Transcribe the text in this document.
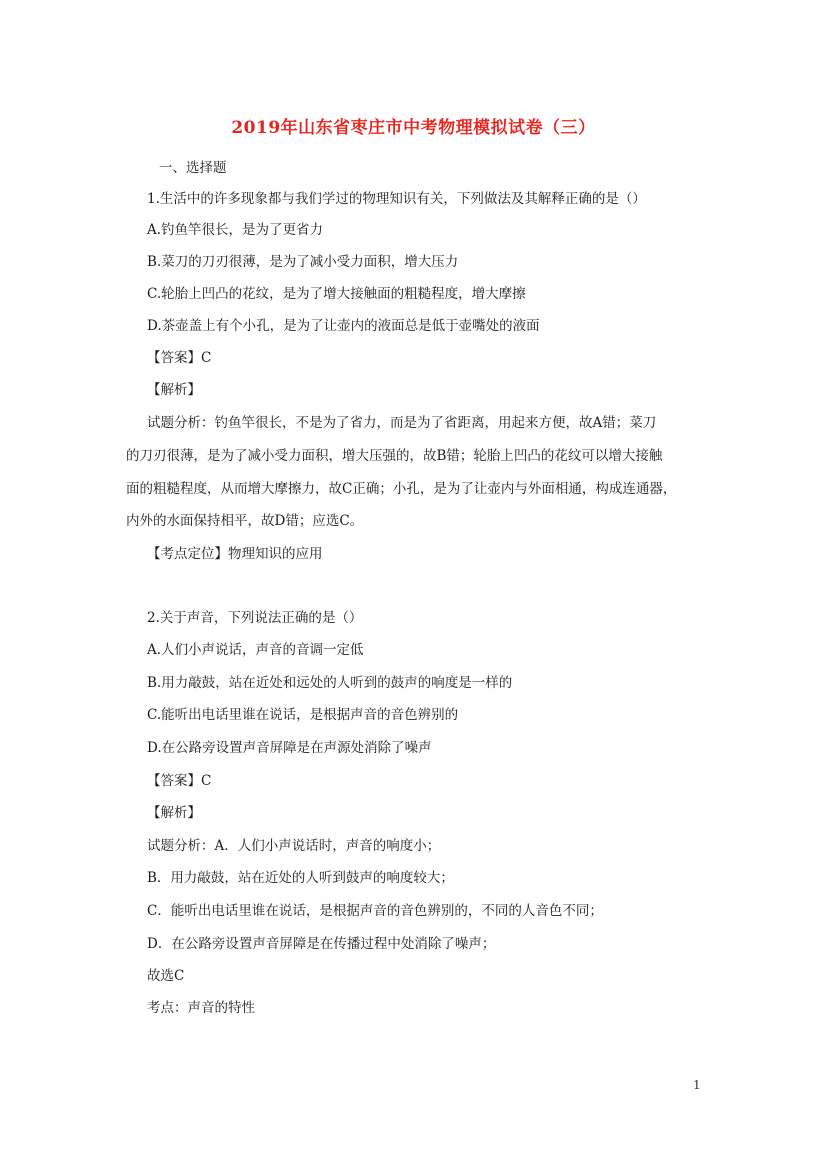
2019年山东省枣庄市中考物理模拟试卷（三）
一、选择题
1.生活中的许多现象都与我们学过的物理知识有关，下列做法及其解释正确的是（）
A.钓鱼竿很长，是为了更省力
B.菜刀的刀刃很薄，是为了减小受力面积，增大压力
C.轮胎上凹凸的花纹，是为了增大接触面的粗糙程度，增大摩擦
D.茶壶盖上有个小孔，是为了让壶内的液面总是低于壶嘴处的液面
【答案】C
【解析】
试题分析：钓鱼竿很长，不是为了省力，而是为了省距离，用起来方便，故A错；菜刀
的刀刃很薄，是为了减小受力面积，增大压强的，故B错；轮胎上凹凸的花纹可以增大接触
面的粗糙程度，从而增大摩擦力，故C正确；小孔，是为了让壶内与外面相通，构成连通器，
内外的水面保持相平，故D错；应选C。
【考点定位】物理知识的应用
2.关于声音，下列说法正确的是（）
A.人们小声说话，声音的音调一定低
B.用力敲鼓，站在近处和远处的人听到的鼓声的响度是一样的
C.能听出电话里谁在说话，是根据声音的音色辨别的
D.在公路旁设置声音屏障是在声源处消除了噪声
【答案】C
【解析】
试题分析：A．人们小声说话时，声音的响度小；
B．用力敲鼓，站在近处的人听到鼓声的响度较大；
C．能听出电话里谁在说话，是根据声音的音色辨别的，不同的人音色不同；
D．在公路旁设置声音屏障是在传播过程中处消除了噪声；
故选C
考点：声音的特性
1
